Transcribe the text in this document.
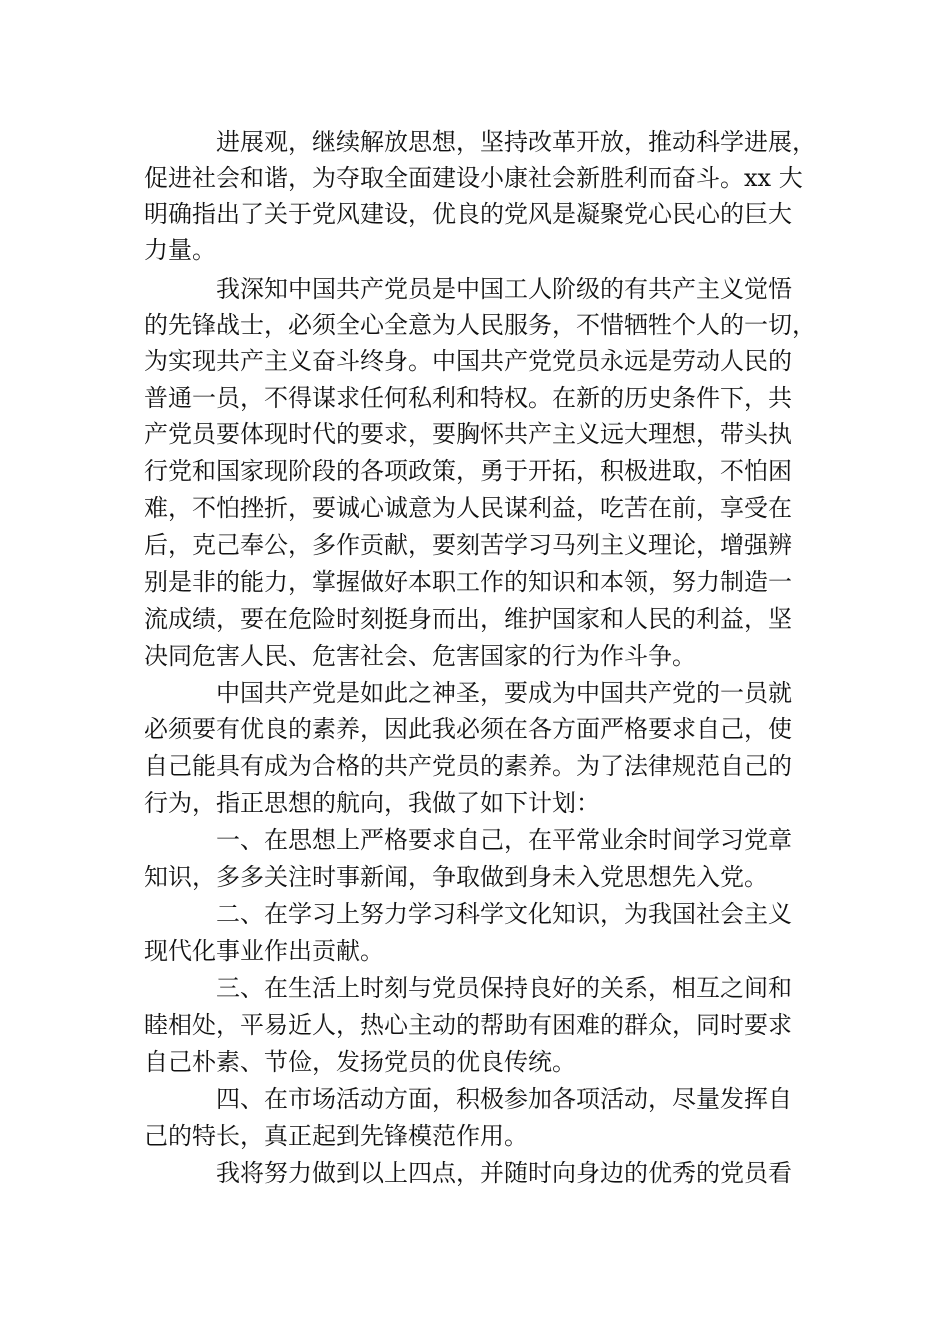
进展观，继续解放思想，坚持改革开放，推动科学进展，
促进社会和谐，为夺取全面建设小康社会新胜利而奋斗。xx 大
明确指出了关于党风建设，优良的党风是凝聚党心民心的巨大
力量。
我深知中国共产党员是中国工人阶级的有共产主义觉悟
的先锋战士，必须全心全意为人民服务，不惜牺牲个人的一切，
为实现共产主义奋斗终身。中国共产党党员永远是劳动人民的
普通一员，不得谋求任何私利和特权。在新的历史条件下，共
产党员要体现时代的要求，要胸怀共产主义远大理想，带头执
行党和国家现阶段的各项政策，勇于开拓，积极进取，不怕困
难，不怕挫折，要诚心诚意为人民谋利益，吃苦在前，享受在
后，克己奉公，多作贡献，要刻苦学习马列主义理论，增强辨
别是非的能力，掌握做好本职工作的知识和本领，努力制造一
流成绩，要在危险时刻挺身而出，维护国家和人民的利益，坚
决同危害人民、危害社会、危害国家的行为作斗争。
中国共产党是如此之神圣，要成为中国共产党的一员就
必须要有优良的素养，因此我必须在各方面严格要求自己，使
自己能具有成为合格的共产党员的素养。为了法律规范自己的
行为，指正思想的航向，我做了如下计划：
一、在思想上严格要求自己，在平常业余时间学习党章
知识，多多关注时事新闻，争取做到身未入党思想先入党。
二、在学习上努力学习科学文化知识，为我国社会主义
现代化事业作出贡献。
三、在生活上时刻与党员保持良好的关系，相互之间和
睦相处，平易近人，热心主动的帮助有困难的群众，同时要求
自己朴素、节俭，发扬党员的优良传统。
四、在市场活动方面，积极参加各项活动，尽量发挥自
己的特长，真正起到先锋模范作用。
我将努力做到以上四点，并随时向身边的优秀的党员看
